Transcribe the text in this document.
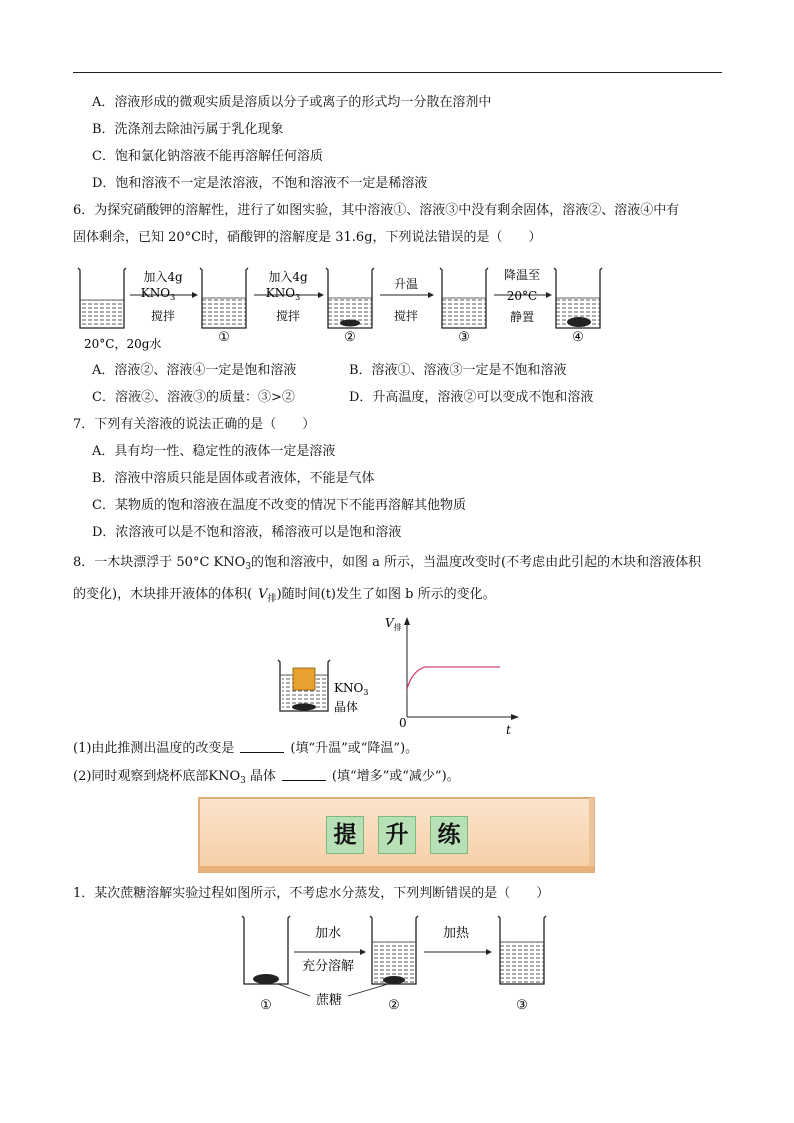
A．溶液形成的微观实质是溶质以分子或离子的形式均一分散在溶剂中
B．洗涤剂去除油污属于乳化现象
C．饱和氯化钠溶液不能再溶解任何溶质
D．饱和溶液不一定是浓溶液，不饱和溶液不一定是稀溶液
6．为探究硝酸钾的溶解性，进行了如图实验，其中溶液①、溶液③中没有剩余固体，溶液②、溶液④中有
固体剩余，已知 20°C时，硝酸钾的溶解度是 31.6g，下列说法错误的是（　　）
加入4g
$KNO_3$
搅拌
加入4g
$KNO_3$
搅拌
升温
搅拌
降温至
20°C
静置
20°C，20g水	①	②	③	④
A．溶液②、溶液④一定是饱和溶液	B．溶液①、溶液③一定是不饱和溶液
C．溶液②、溶液③的质量：③>②	D．升高温度，溶液②可以变成不饱和溶液
7．下列有关溶液的说法正确的是（　　）
A．具有均一性、稳定性的液体一定是溶液
B．溶液中溶质只能是固体或者液体，不能是气体
C．某物质的饱和溶液在温度不改变的情况下不能再溶解其他物质
D．浓溶液可以是不饱和溶液，稀溶液可以是饱和溶液
8．一木块漂浮于 50°C $KNO_3$的饱和溶液中，如图 a 所示，当温度改变时(不考虑由此引起的木块和溶液体积
的变化)，木块排开液体的体积( $V_排$)随时间(t)发生了如图 b 所示的变化。
$KNO_3$
晶体
$V_排$
t
0
(1)由此推测出温度的改变是	(填“升温”或“降温”)。
(2)同时观察到烧杯底部$KNO_3$ 晶体	(填“增多”或“减少”)。
提	升	练
1．某次蔗糖溶解实验过程如图所示，不考虑水分蒸发，下列判断错误的是（　　）
加水
充分溶解
加热
蔗糖
①	②	③
